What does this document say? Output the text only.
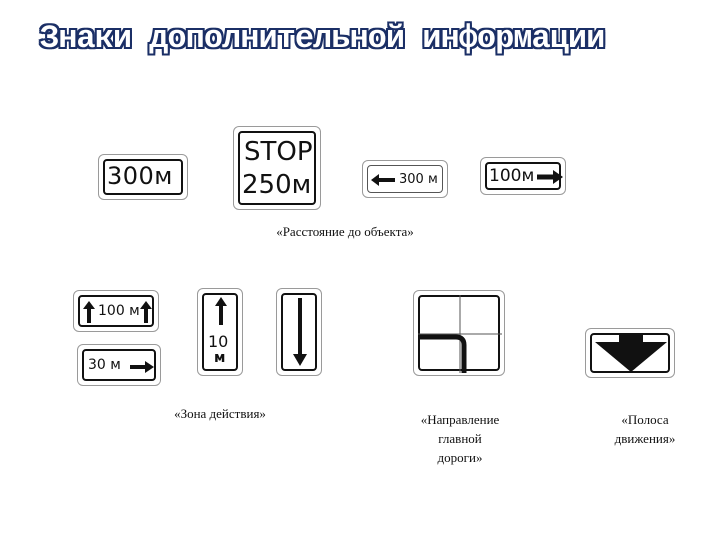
Знаки дополнительной информации
300м
STOP
250м	300 м	100м
«Расстояние до объекта»
100 м
30 м
10
м
«Зона действия»	«Направление
главной
дороги»
«Полоса
движения»
